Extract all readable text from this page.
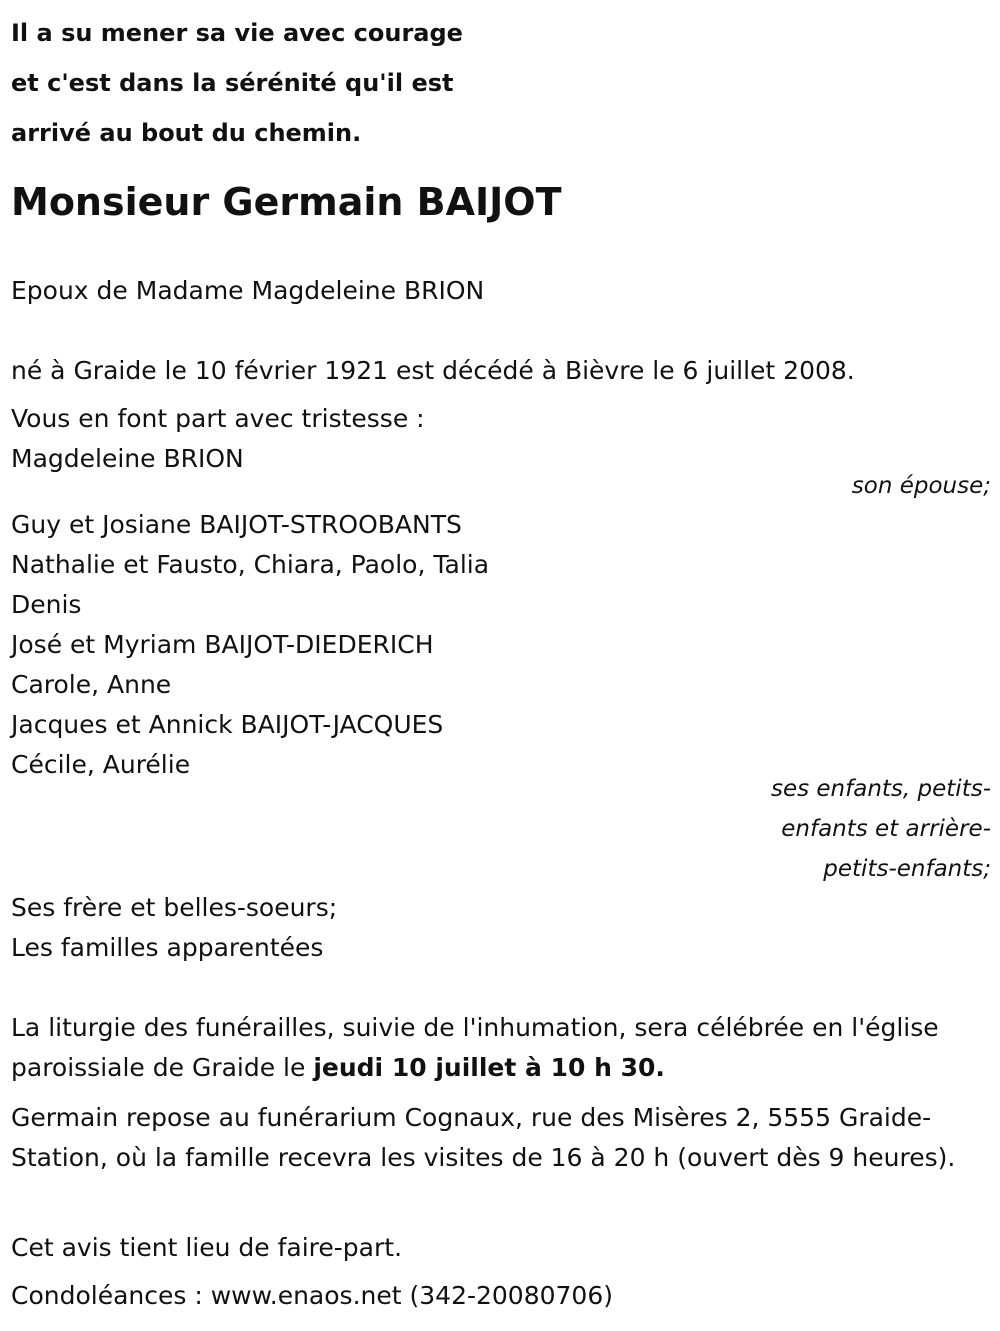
Il a su mener sa vie avec courage
et c'est dans la sérénité qu'il est
arrivé au bout du chemin.
Monsieur Germain BAIJOT
Epoux de Madame Magdeleine BRION
né à Graide le 10 février 1921 est décédé à Bièvre le 6 juillet 2008.
Vous en font part avec tristesse :
Magdeleine BRION
son épouse;
Guy et Josiane BAIJOT-STROOBANTS
Nathalie et Fausto, Chiara, Paolo, Talia
Denis
José et Myriam BAIJOT-DIEDERICH
Carole, Anne
Jacques et Annick BAIJOT-JACQUES
Cécile, Aurélie
ses enfants, petits-
enfants et arrière-
petits-enfants;
Ses frère et belles-soeurs;
Les familles apparentées
La liturgie des funérailles, suivie de l'inhumation, sera célébrée en l'église paroissiale de Graide le jeudi 10 juillet à 10 h 30.
Germain repose au funérarium Cognaux, rue des Misères 2, 5555 Graide-Station, où la famille recevra les visites de 16 à 20 h (ouvert dès 9 heures).
Cet avis tient lieu de faire-part.
Condoléances : www.enaos.net (342-20080706)
